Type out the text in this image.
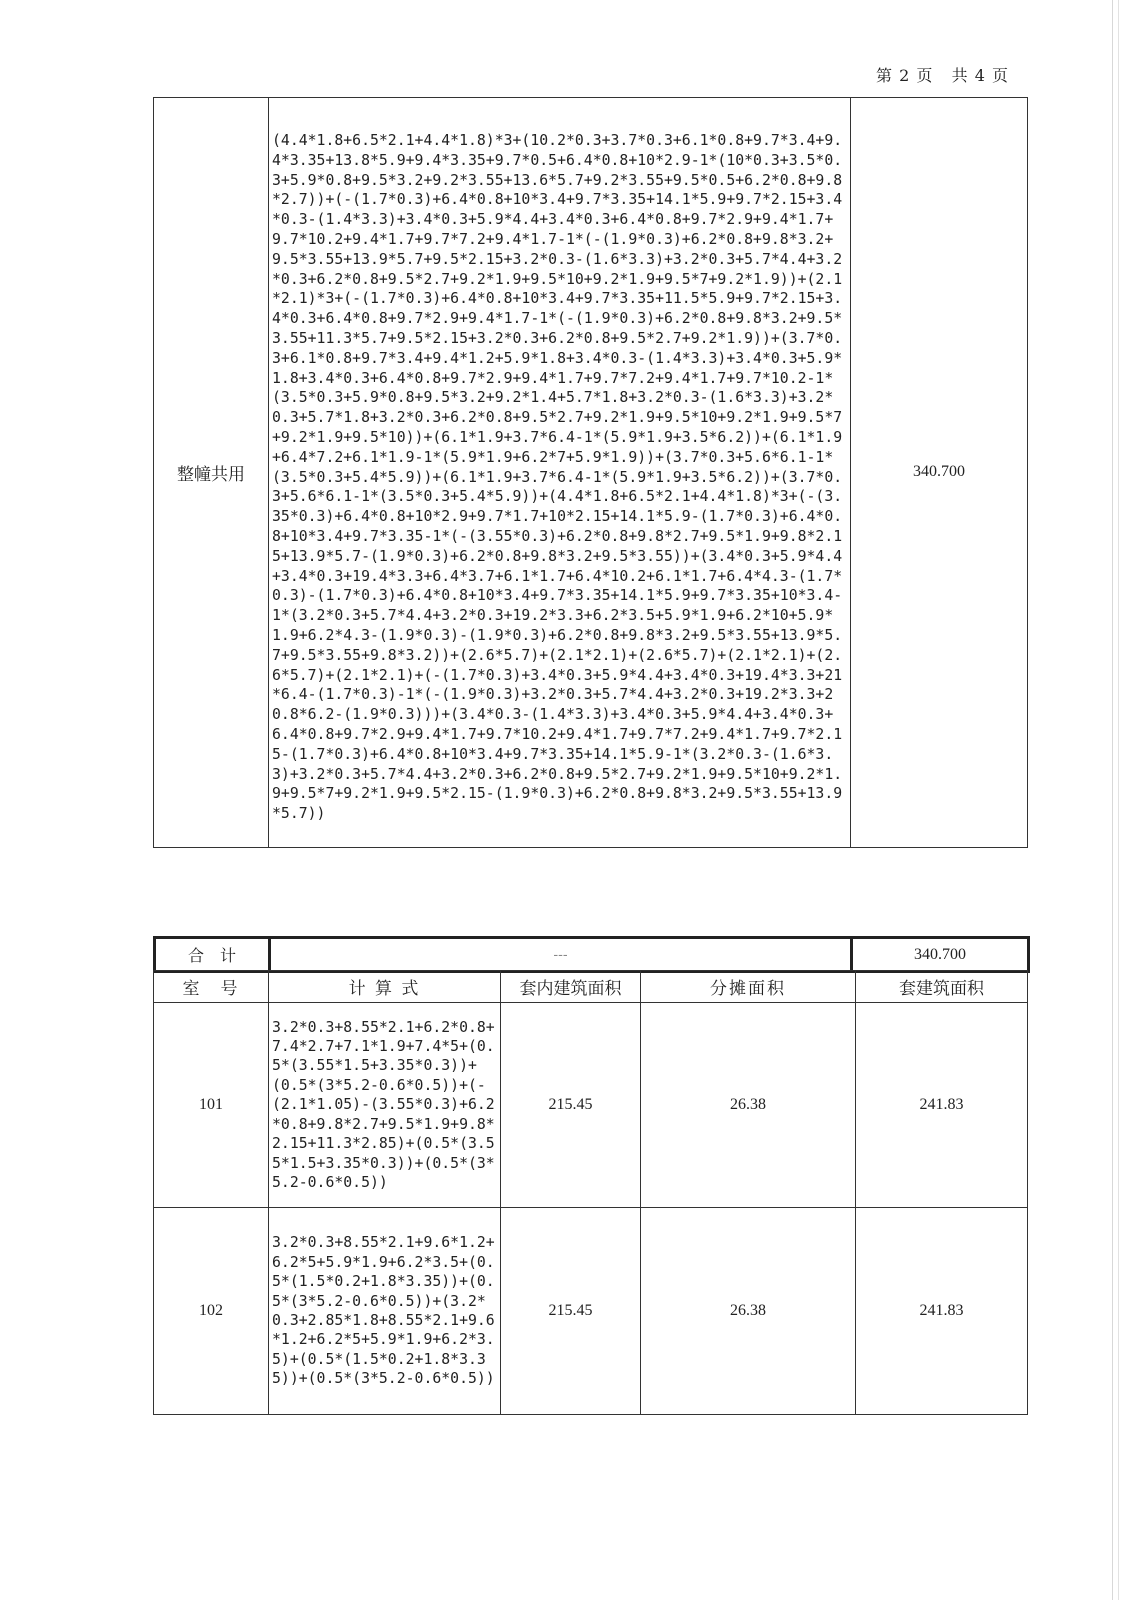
第 2 页   共 4 页
整幢共用	(4.4*1.8+6.5*2.1+4.4*1.8)*3+(10.2*0.3+3.7*0.3+6.1*0.8+9.7*3.4+9.4*3.35+13.8*5.9+9.4*3.35+9.7*0.5+6.4*0.8+10*2.9-1*(10*0.3+3.5*0.3+5.9*0.8+9.5*3.2+9.2*3.55+13.6*5.7+9.2*3.55+9.5*0.5+6.2*0.8+9.8*2.7))+(-(1.7*0.3)+6.4*0.8+10*3.4+9.7*3.35+14.1*5.9+9.7*2.15+3.4*0.3-(1.4*3.3)+3.4*0.3+5.9*4.4+3.4*0.3+6.4*0.8+9.7*2.9+9.4*1.7+9.7*10.2+9.4*1.7+9.7*7.2+9.4*1.7-1*(-(1.9*0.3)+6.2*0.8+9.8*3.2+9.5*3.55+13.9*5.7+9.5*2.15+3.2*0.3-(1.6*3.3)+3.2*0.3+5.7*4.4+3.2*0.3+6.2*0.8+9.5*2.7+9.2*1.9+9.5*10+9.2*1.9+9.5*7+9.2*1.9))+(2.1*2.1)*3+(-(1.7*0.3)+6.4*0.8+10*3.4+9.7*3.35+11.5*5.9+9.7*2.15+3.4*0.3+6.4*0.8+9.7*2.9+9.4*1.7-1*(-(1.9*0.3)+6.2*0.8+9.8*3.2+9.5*3.55+11.3*5.7+9.5*2.15+3.2*0.3+6.2*0.8+9.5*2.7+9.2*1.9))+(3.7*0.3+6.1*0.8+9.7*3.4+9.4*1.2+5.9*1.8+3.4*0.3-(1.4*3.3)+3.4*0.3+5.9*1.8+3.4*0.3+6.4*0.8+9.7*2.9+9.4*1.7+9.7*7.2+9.4*1.7+9.7*10.2-1*(3.5*0.3+5.9*0.8+9.5*3.2+9.2*1.4+5.7*1.8+3.2*0.3-(1.6*3.3)+3.2*0.3+5.7*1.8+3.2*0.3+6.2*0.8+9.5*2.7+9.2*1.9+9.5*10+9.2*1.9+9.5*7+9.2*1.9+9.5*10))+(6.1*1.9+3.7*6.4-1*(5.9*1.9+3.5*6.2))+(6.1*1.9+6.4*7.2+6.1*1.9-1*(5.9*1.9+6.2*7+5.9*1.9))+(3.7*0.3+5.6*6.1-1*(3.5*0.3+5.4*5.9))+(6.1*1.9+3.7*6.4-1*(5.9*1.9+3.5*6.2))+(3.7*0.3+5.6*6.1-1*(3.5*0.3+5.4*5.9))+(4.4*1.8+6.5*2.1+4.4*1.8)*3+(-(3.35*0.3)+6.4*0.8+10*2.9+9.7*1.7+10*2.15+14.1*5.9-(1.7*0.3)+6.4*0.8+10*3.4+9.7*3.35-1*(-(3.55*0.3)+6.2*0.8+9.8*2.7+9.5*1.9+9.8*2.15+13.9*5.7-(1.9*0.3)+6.2*0.8+9.8*3.2+9.5*3.55))+(3.4*0.3+5.9*4.4+3.4*0.3+19.4*3.3+6.4*3.7+6.1*1.7+6.4*10.2+6.1*1.7+6.4*4.3-(1.7*0.3)-(1.7*0.3)+6.4*0.8+10*3.4+9.7*3.35+14.1*5.9+9.7*3.35+10*3.4-1*(3.2*0.3+5.7*4.4+3.2*0.3+19.2*3.3+6.2*3.5+5.9*1.9+6.2*10+5.9*1.9+6.2*4.3-(1.9*0.3)-(1.9*0.3)+6.2*0.8+9.8*3.2+9.5*3.55+13.9*5.7+9.5*3.55+9.8*3.2))+(2.6*5.7)+(2.1*2.1)+(2.6*5.7)+(2.1*2.1)+(2.6*5.7)+(2.1*2.1)+(-(1.7*0.3)+3.4*0.3+5.9*4.4+3.4*0.3+19.4*3.3+21*6.4-(1.7*0.3)-1*(-(1.9*0.3)+3.2*0.3+5.7*4.4+3.2*0.3+19.2*3.3+20.8*6.2-(1.9*0.3)))+(3.4*0.3-(1.4*3.3)+3.4*0.3+5.9*4.4+3.4*0.3+6.4*0.8+9.7*2.9+9.4*1.7+9.7*10.2+9.4*1.7+9.7*7.2+9.4*1.7+9.7*2.15-(1.7*0.3)+6.4*0.8+10*3.4+9.7*3.35+14.1*5.9-1*(3.2*0.3-(1.6*3.3)+3.2*0.3+5.7*4.4+3.2*0.3+6.2*0.8+9.5*2.7+9.2*1.9+9.5*10+9.2*1.9+9.5*7+9.2*1.9+9.5*2.15-(1.9*0.3)+6.2*0.8+9.8*3.2+9.5*3.55+13.9*5.7))	340.700
合　计	---	340.700
室　号	计 算 式	套内建筑面积	分摊面积	套建筑面积
101	3.2*0.3+8.55*2.1+6.2*0.8+7.4*2.7+7.1*1.9+7.4*5+(0.5*(3.55*1.5+3.35*0.3))+(0.5*(3*5.2-0.6*0.5))+(-(2.1*1.05)-(3.55*0.3)+6.2*0.8+9.8*2.7+9.5*1.9+9.8*2.15+11.3*2.85)+(0.5*(3.55*1.5+3.35*0.3))+(0.5*(3*5.2-0.6*0.5))	215.45	26.38	241.83
102	3.2*0.3+8.55*2.1+9.6*1.2+6.2*5+5.9*1.9+6.2*3.5+(0.5*(1.5*0.2+1.8*3.35))+(0.5*(3*5.2-0.6*0.5))+(3.2*0.3+2.85*1.8+8.55*2.1+9.6*1.2+6.2*5+5.9*1.9+6.2*3.5)+(0.5*(1.5*0.2+1.8*3.35))+(0.5*(3*5.2-0.6*0.5))	215.45	26.38	241.83
